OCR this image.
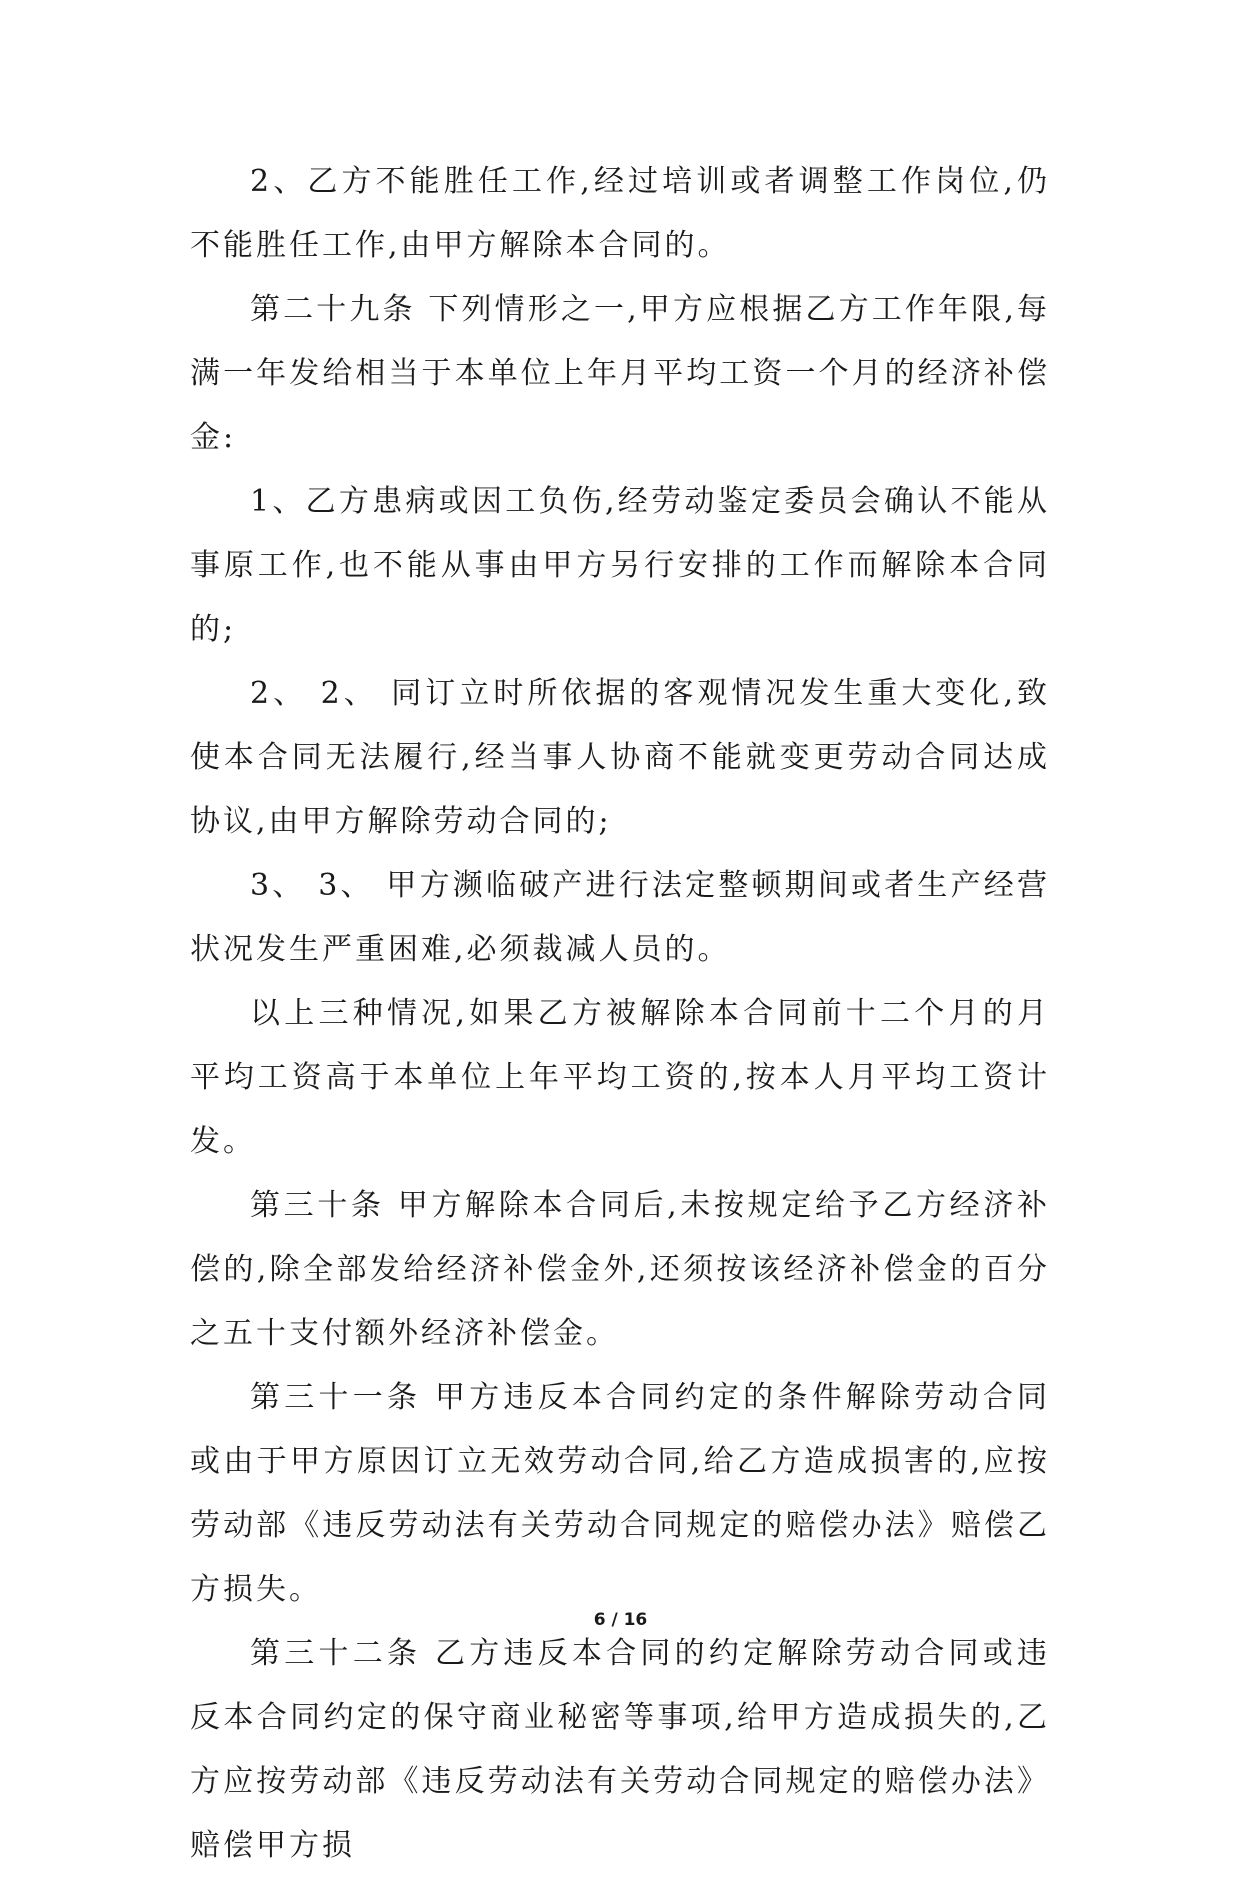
2、乙方不能胜任工作,经过培训或者调整工作岗位,仍不能胜任工作,由甲方解除本合同的。

第二十九条 下列情形之一,甲方应根据乙方工作年限,每满一年发给相当于本单位上年月平均工资一个月的经济补偿金:

1、乙方患病或因工负伤,经劳动鉴定委员会确认不能从事原工作,也不能从事由甲方另行安排的工作而解除本合同的;

2、 2、 同订立时所依据的客观情况发生重大变化,致使本合同无法履行,经当事人协商不能就变更劳动合同达成协议,由甲方解除劳动合同的;

3、 3、 甲方濒临破产进行法定整顿期间或者生产经营状况发生严重困难,必须裁减人员的。

以上三种情况,如果乙方被解除本合同前十二个月的月平均工资高于本单位上年平均工资的,按本人月平均工资计发。

第三十条 甲方解除本合同后,未按规定给予乙方经济补偿的,除全部发给经济补偿金外,还须按该经济补偿金的百分之五十支付额外经济补偿金。

第三十一条 甲方违反本合同约定的条件解除劳动合同或由于甲方原因订立无效劳动合同,给乙方造成损害的,应按劳动部《违反劳动法有关劳动合同规定的赔偿办法》赔偿乙方损失。

第三十二条 乙方违反本合同的约定解除劳动合同或违反本合同约定的保守商业秘密等事项,给甲方造成损失的,乙方应按劳动部《违反劳动法有关劳动合同规定的赔偿办法》赔偿甲方损

6 / 16
